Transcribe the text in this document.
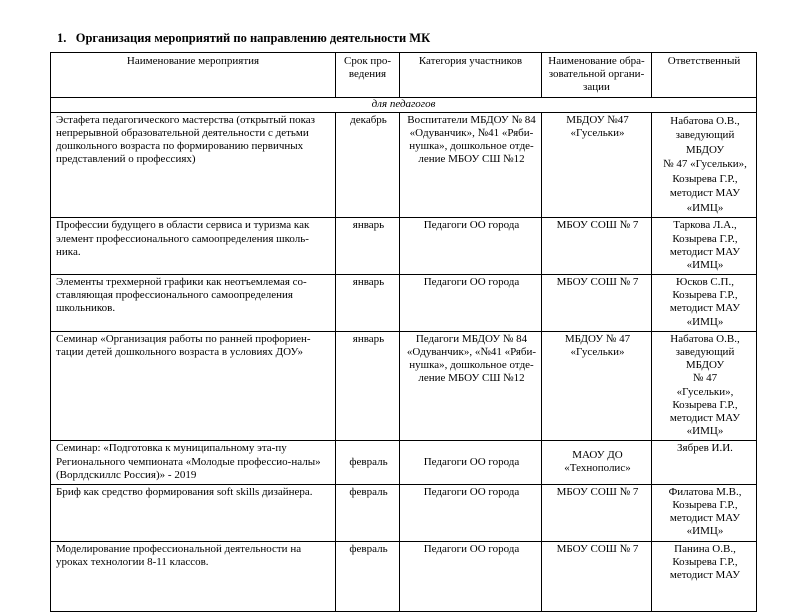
1.   Организация мероприятий по направлению деятельности МК
Наименование мероприятия	Срок про-
ведения	Категория участников	Наименование обра-
зовательной органи-
зации	Ответственный
для педагогов				
Эстафета педагогического мастерства (открытый показ непрерывной образовательной деятельности с детьми дошкольного возраста по формированию первичных представлений о профессиях)	декабрь	Воспитатели МБДОУ № 84 «Одуванчик», №41 «Ряби-нушка», дошкольное отде-ление МБОУ СШ №12	МБДОУ №47 «Гусельки»	Набатова О.В.,
заведующий МБДОУ
№ 47 «Гусельки»,
Козырева Г.Р.,
методист МАУ
«ИМЦ»
Профессии будущего в области сервиса и туризма как элемент профессионального самоопределения школь-ника.	январь	Педагоги ОО города	МБОУ СОШ № 7	Таркова Л.А.,
Козырева Г.Р.,
методист МАУ
«ИМЦ»
Элементы трехмерной графики как неотъемлемая со-ставляющая профессионального самоопределения школьников.	январь	Педагоги ОО города	МБОУ СОШ № 7	Юсков С.П.,
Козырева Г.Р.,
методист МАУ
«ИМЦ»
Семинар «Организация работы по ранней профориен-тации детей дошкольного возраста в условиях ДОУ»	январь	Педагоги МБДОУ № 84 «Одуванчик», «№41 «Ряби-нушка», дошкольное отде-ление МБОУ СШ №12	МБДОУ № 47 «Гусельки»	Набатова О.В.,
заведующий МБДОУ
№ 47
«Гусельки»,
Козырева Г.Р.,
методист МАУ
«ИМЦ»
Семинар: «Подготовка к муниципальному эта-пу Регионального чемпионата «Молодые профессио-налы» (Ворлдскиллс Россия)» - 2019	февраль	Педагоги ОО города	МАОУ ДО «Технополис»	Зябрев И.И.
Бриф как средство формирования soft skills дизайнера.	февраль	Педагоги ОО города	МБОУ СОШ № 7	Филатова М.В.,
Козырева Г.Р.,
методист МАУ
«ИМЦ»
Моделирование профессиональной деятельности на уроках технологии 8-11 классов.	февраль	Педагоги ОО города	МБОУ СОШ № 7	Панина О.В.,
Козырева Г.Р.,
методист МАУ
